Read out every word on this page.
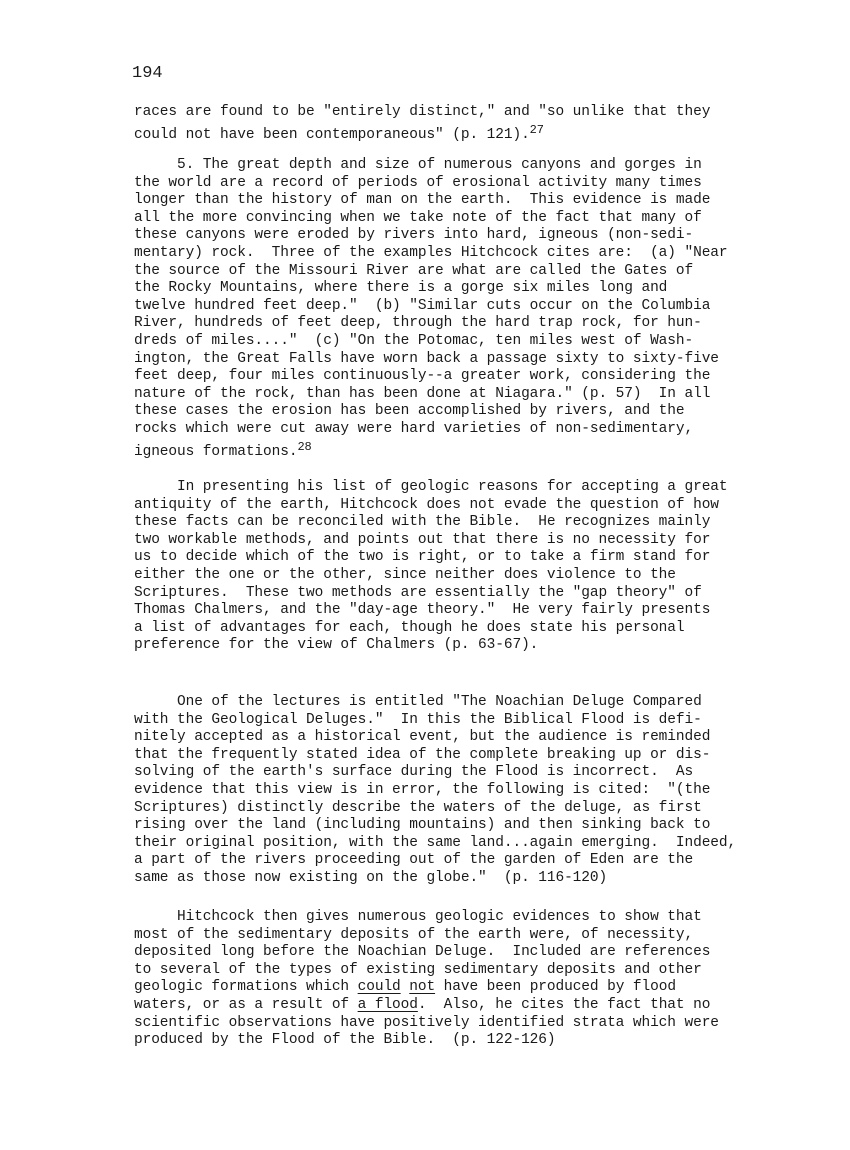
194
races are found to be "entirely distinct," and "so unlike that they
could not have been contemporaneous" (p. 121).$^{27}$
5. The great depth and size of numerous canyons and gorges in
the world are a record of periods of erosional activity many times
longer than the history of man on the earth.  This evidence is made
all the more convincing when we take note of the fact that many of
these canyons were eroded by rivers into hard, igneous (non-sedi-
mentary) rock.  Three of the examples Hitchcock cites are:  (a) "Near
the source of the Missouri River are what are called the Gates of
the Rocky Mountains, where there is a gorge six miles long and
twelve hundred feet deep."  (b) "Similar cuts occur on the Columbia
River, hundreds of feet deep, through the hard trap rock, for hun-
dreds of miles...."  (c) "On the Potomac, ten miles west of Wash-
ington, the Great Falls have worn back a passage sixty to sixty-five
feet deep, four miles continuously--a greater work, considering the
nature of the rock, than has been done at Niagara." (p. 57)  In all
these cases the erosion has been accomplished by rivers, and the
rocks which were cut away were hard varieties of non-sedimentary,
igneous formations.$^{28}$
In presenting his list of geologic reasons for accepting a great
antiquity of the earth, Hitchcock does not evade the question of how
these facts can be reconciled with the Bible.  He recognizes mainly
two workable methods, and points out that there is no necessity for
us to decide which of the two is right, or to take a firm stand for
either the one or the other, since neither does violence to the
Scriptures.  These two methods are essentially the "gap theory" of
Thomas Chalmers, and the "day-age theory."  He very fairly presents
a list of advantages for each, though he does state his personal
preference for the view of Chalmers (p. 63-67).
One of the lectures is entitled "The Noachian Deluge Compared
with the Geological Deluges."  In this the Biblical Flood is defi-
nitely accepted as a historical event, but the audience is reminded
that the frequently stated idea of the complete breaking up or dis-
solving of the earth's surface during the Flood is incorrect.  As
evidence that this view is in error, the following is cited:  "(the
Scriptures) distinctly describe the waters of the deluge, as first
rising over the land (including mountains) and then sinking back to
their original position, with the same land...again emerging.  Indeed,
a part of the rivers proceeding out of the garden of Eden are the
same as those now existing on the globe."  (p. 116-120)
Hitchcock then gives numerous geologic evidences to show that
most of the sedimentary deposits of the earth were, of necessity,
deposited long before the Noachian Deluge.  Included are references
to several of the types of existing sedimentary deposits and other
geologic formations which could not have been produced by flood
waters, or as a result of a flood.  Also, he cites the fact that no
scientific observations have positively identified strata which were
produced by the Flood of the Bible.  (p. 122-126)
